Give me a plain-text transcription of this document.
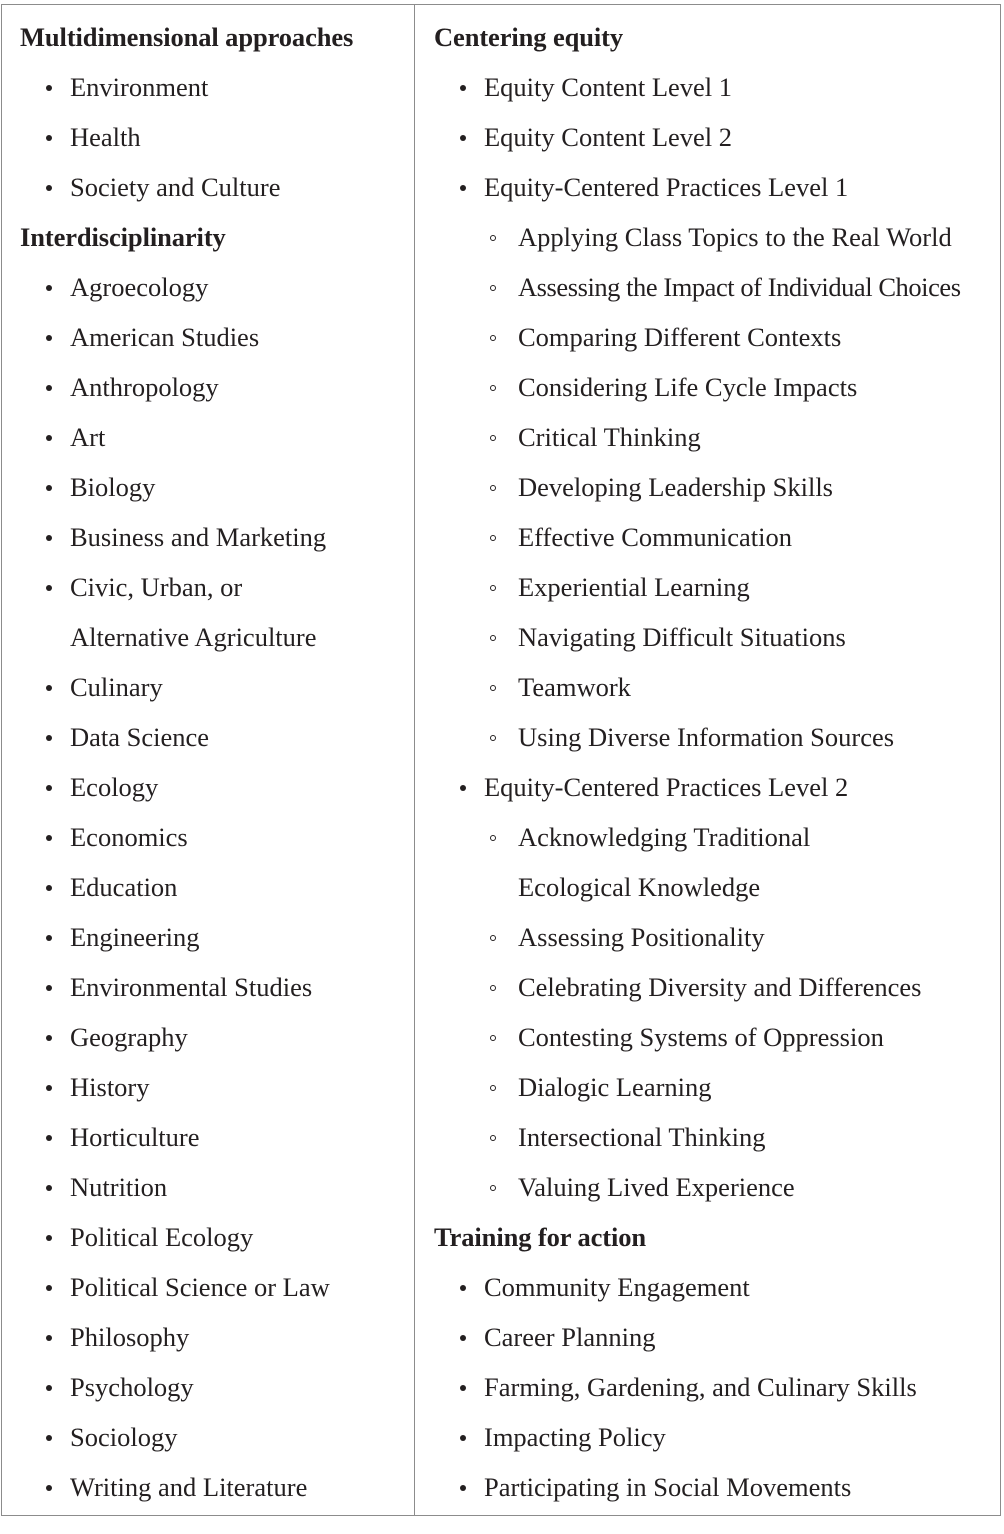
Multidimensional approaches
Environment
Health
Society and Culture
Interdisciplinarity
Agroecology
American Studies
Anthropology
Art
Biology
Business and Marketing
Civic, Urban, or
Alternative Agriculture
Culinary
Data Science
Ecology
Economics
Education
Engineering
Environmental Studies
Geography
History
Horticulture
Nutrition
Political Ecology
Political Science or Law
Philosophy
Psychology
Sociology
Writing and Literature
Centering equity
Equity Content Level 1
Equity Content Level 2
Equity-Centered Practices Level 1
Applying Class Topics to the Real World
Assessing the Impact of Individual Choices
Comparing Different Contexts
Considering Life Cycle Impacts
Critical Thinking
Developing Leadership Skills
Effective Communication
Experiential Learning
Navigating Difficult Situations
Teamwork
Using Diverse Information Sources
Equity-Centered Practices Level 2
Acknowledging Traditional
Ecological Knowledge
Assessing Positionality
Celebrating Diversity and Differences
Contesting Systems of Oppression
Dialogic Learning
Intersectional Thinking
Valuing Lived Experience
Training for action
Community Engagement
Career Planning
Farming, Gardening, and Culinary Skills
Impacting Policy
Participating in Social Movements
